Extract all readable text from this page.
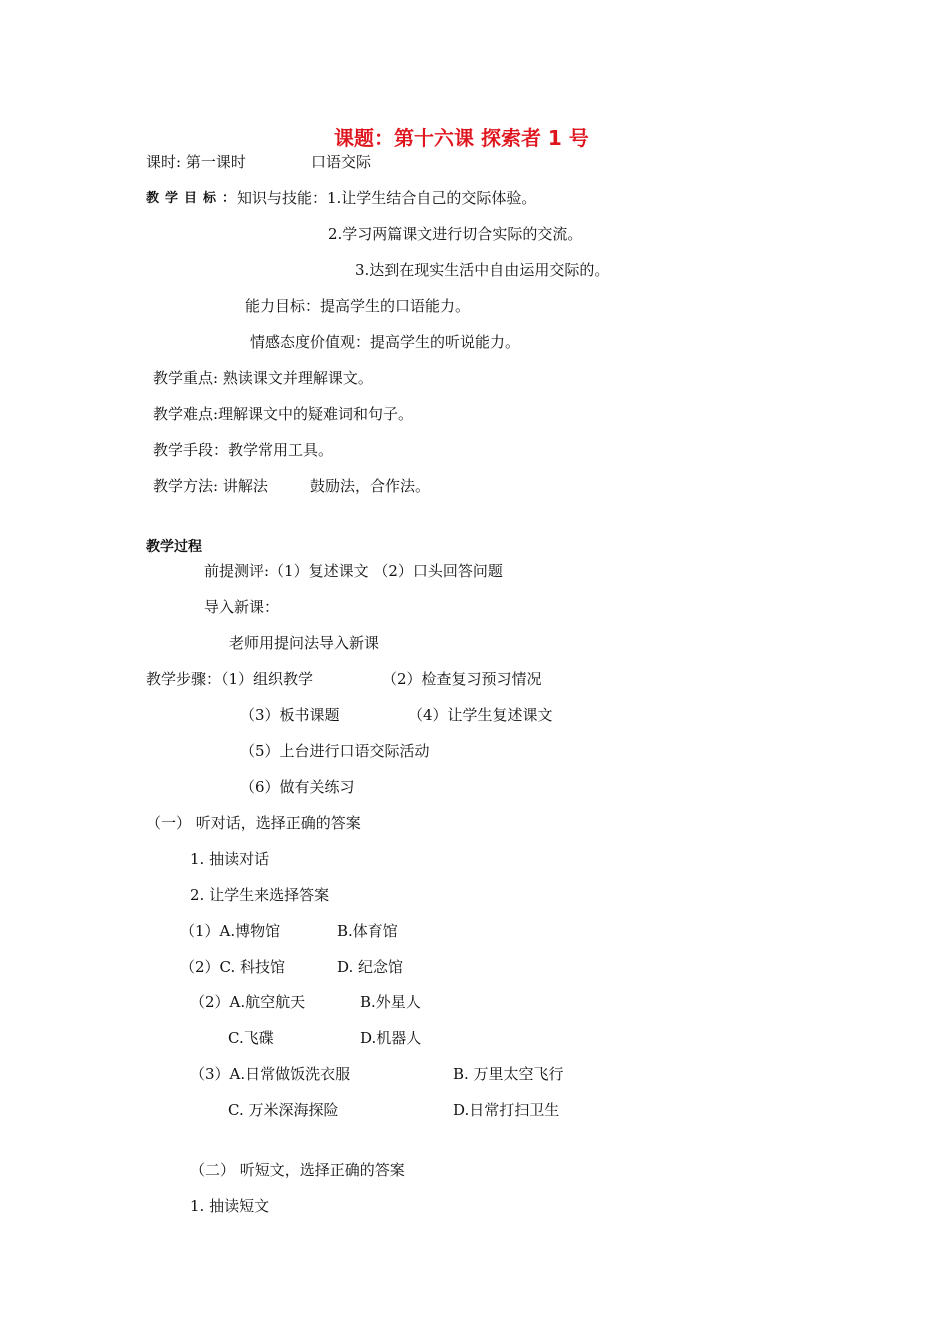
课题：第十六课 探索者 1 号
课时: 第一课时	口语交际
教学目标：
知识与技能：1.让学生结合自己的交际体验。
2.学习两篇课文进行切合实际的交流。
3.达到在现实生活中自由运用交际的。
能力目标：提高学生的口语能力。
情感态度价值观：提高学生的听说能力。
教学重点: 熟读课文并理解课文。
教学难点:理解课文中的疑难词和句子。
教学手段：教学常用工具。
教学方法: 讲解法	鼓励法，合作法。
教学过程
前提测评:（1）复述课文 （2）口头回答问题
导入新课：
老师用提问法导入新课
教学步骤：（1）组织教学	（2）检查复习预习情况
（3）板书课题	（4）让学生复述课文
（5）上台进行口语交际活动
（6）做有关练习
（一） 听对话，选择正确的答案
1. 抽读对话
2. 让学生来选择答案
（1）A.博物馆	B.体育馆
（2）C. 科技馆	D. 纪念馆
（2）A.航空航天	B.外星人
C.飞碟	D.机器人
（3）A.日常做饭洗衣服	B. 万里太空飞行
C. 万米深海探险	D.日常打扫卫生
（二） 听短文，选择正确的答案
1. 抽读短文
